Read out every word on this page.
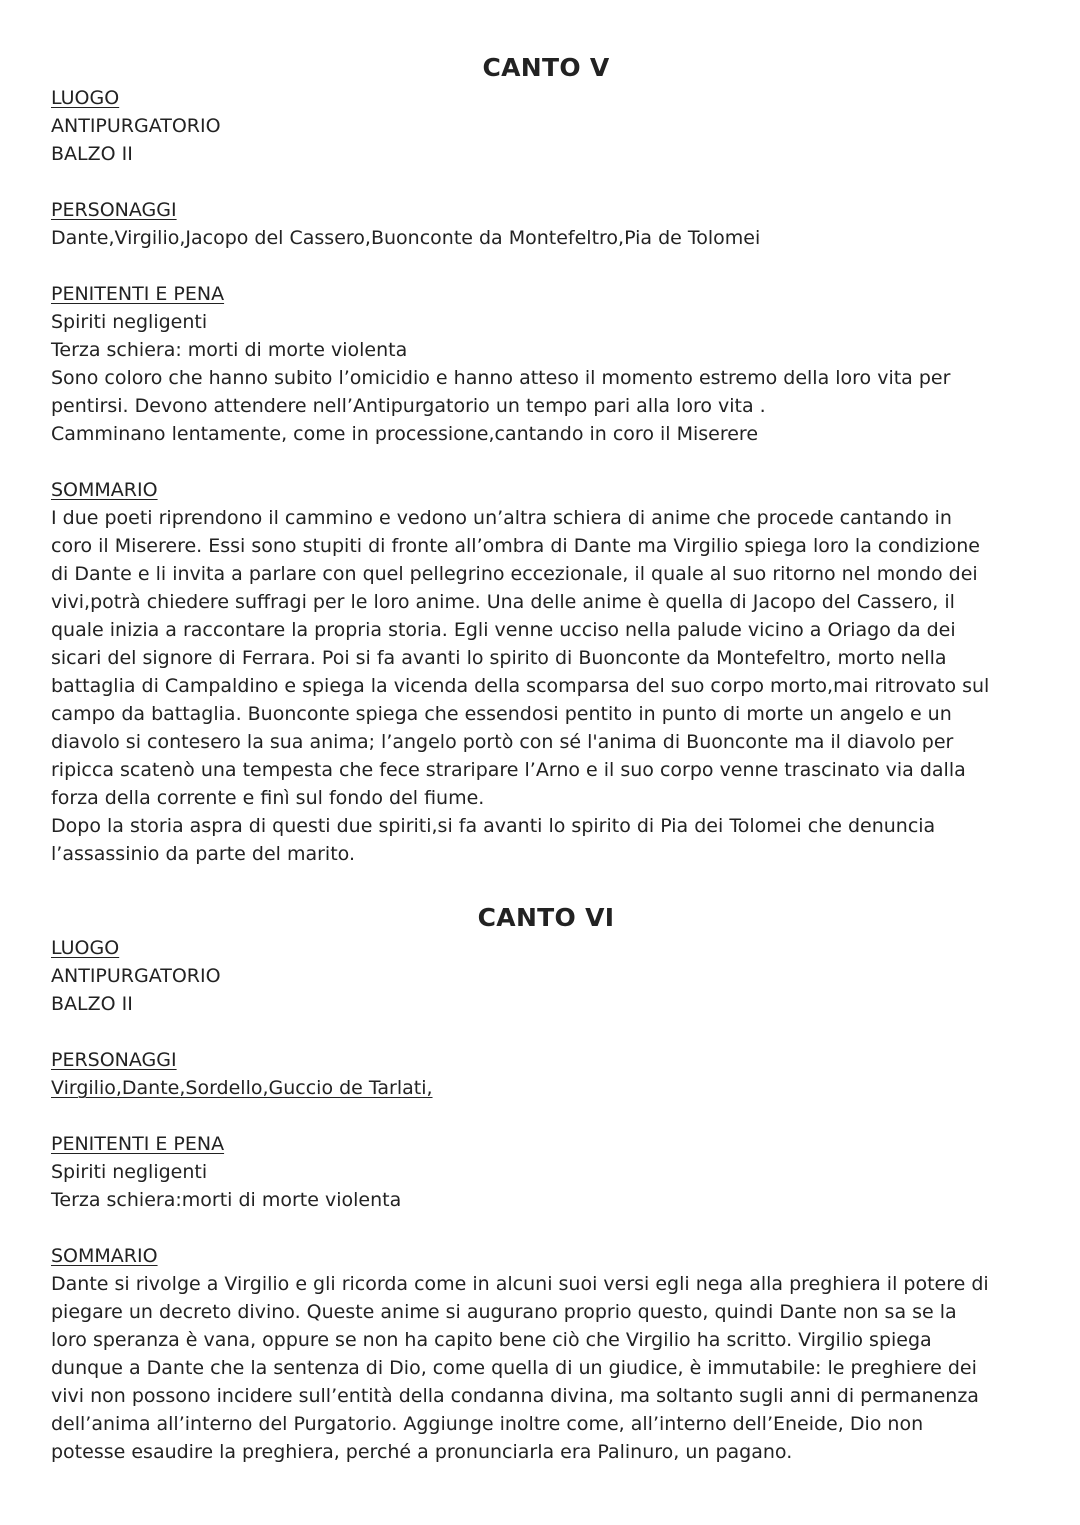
CANTO V
LUOGO
ANTIPURGATORIO
BALZO II
PERSONAGGI
Dante,Virgilio,Jacopo del Cassero,Buonconte da Montefeltro,Pia de Tolomei
PENITENTI E PENA
Spiriti negligenti
Terza schiera: morti di morte violenta
Sono coloro che hanno subito l’omicidio e hanno atteso il momento estremo della loro vita per
pentirsi. Devono attendere nell’Antipurgatorio un tempo pari alla loro vita .
Camminano lentamente, come in processione,cantando in coro il Miserere
SOMMARIO
I due poeti riprendono il cammino e vedono un’altra schiera di anime che procede cantando in
coro il Miserere. Essi sono stupiti di fronte all’ombra di Dante ma Virgilio spiega loro la condizione
di Dante e li invita a parlare con quel pellegrino eccezionale, il quale al suo ritorno nel mondo dei
vivi,potrà chiedere suffragi per le loro anime. Una delle anime è quella di Jacopo del Cassero, il
quale inizia a raccontare la propria storia. Egli venne ucciso nella palude vicino a Oriago da dei
sicari del signore di Ferrara. Poi si fa avanti lo spirito di Buonconte da Montefeltro, morto nella
battaglia di Campaldino e spiega la vicenda della scomparsa del suo corpo morto,mai ritrovato sul
campo da battaglia. Buonconte spiega che essendosi pentito in punto di morte un angelo e un
diavolo si contesero la sua anima; l’angelo portò con sé l'anima di Buonconte ma il diavolo per
ripicca scatenò una tempesta che fece straripare l’Arno e il suo corpo venne trascinato via dalla
forza della corrente e finì sul fondo del fiume.
Dopo la storia aspra di questi due spiriti,si fa avanti lo spirito di Pia dei Tolomei che denuncia
l’assassinio da parte del marito.
CANTO VI
LUOGO
ANTIPURGATORIO
BALZO II
PERSONAGGI
Virgilio,Dante,Sordello,Guccio de Tarlati,
PENITENTI E PENA
Spiriti negligenti
Terza schiera:morti di morte violenta
SOMMARIO
Dante si rivolge a Virgilio e gli ricorda come in alcuni suoi versi egli nega alla preghiera il potere di
piegare un decreto divino. Queste anime si augurano proprio questo, quindi Dante non sa se la
loro speranza è vana, oppure se non ha capito bene ciò che Virgilio ha scritto. Virgilio spiega
dunque a Dante che la sentenza di Dio, come quella di un giudice, è immutabile: le preghiere dei
vivi non possono incidere sull’entità della condanna divina, ma soltanto sugli anni di permanenza
dell’anima all’interno del Purgatorio. Aggiunge inoltre come, all’interno dell’Eneide, Dio non
potesse esaudire la preghiera, perché a pronunciarla era Palinuro, un pagano.
